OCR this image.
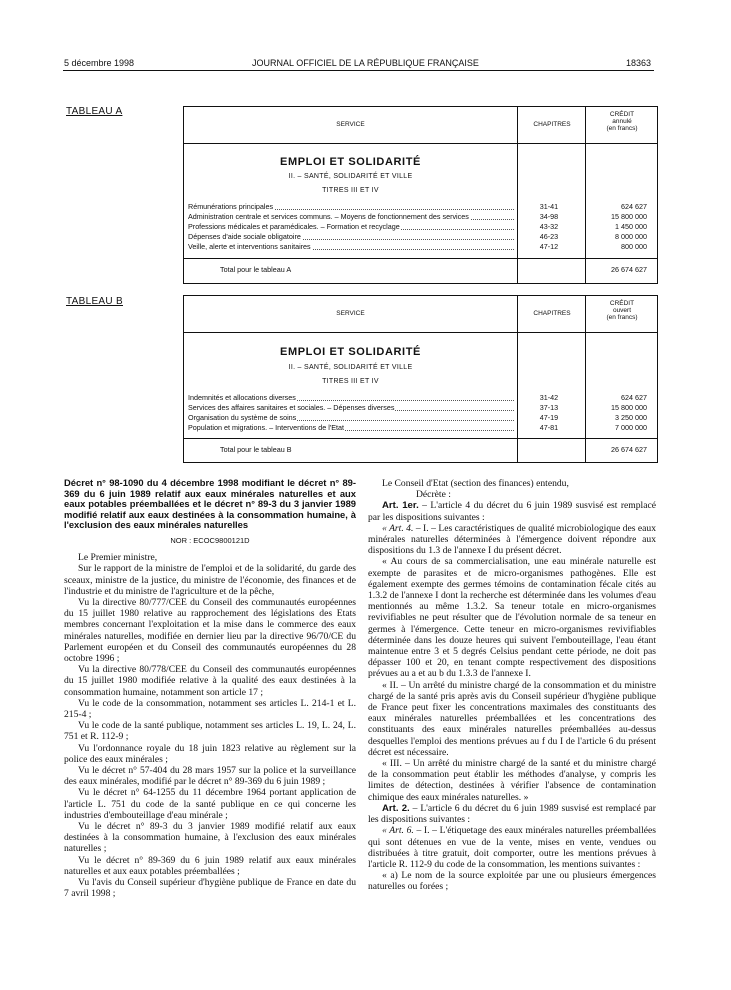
5 décembre 1998	JOURNAL OFFICIEL DE LA RÉPUBLIQUE FRANÇAISE	18363
TABLEAU A
SERVICE	CHAPITRES
CRÉDIT
annulé
(en francs)
EMPLOI ET SOLIDARITÉ
II. – SANTÉ, SOLIDARITÉ ET VILLE
TITRES III ET IV
Rémunérations principales	31-41	624 627
Administration centrale et services communs. – Moyens de fonctionnement des services	34-98	15 800 000
Professions médicales et paramédicales. – Formation et recyclage	43-32	1 450 000
Dépenses d'aide sociale obligatoire	46-23	8 000 000
Veille, alerte et interventions sanitaires	47-12	800 000
Total pour le tableau A	26 674 627
TABLEAU B
SERVICE	CHAPITRES
CRÉDIT
ouvert
(en francs)
EMPLOI ET SOLIDARITÉ
II. – SANTÉ, SOLIDARITÉ ET VILLE
TITRES III ET IV
Indemnités et allocations diverses	31-42	624 627
Services des affaires sanitaires et sociales. – Dépenses diverses	37-13	15 800 000
Organisation du système de soins	47-19	3 250 000
Population et migrations. – Interventions de l'Etat	47-81	7 000 000
Total pour le tableau B	26 674 627

Décret n° 98-1090 du 4 décembre 1998 modifiant le décret n° 89-369 du 6 juin 1989 relatif aux eaux minérales naturelles et aux eaux potables préemballées et le décret n° 89-3 du 3 janvier 1989 modifié relatif aux eaux destinées à la consommation humaine, à l'exclusion des eaux minérales naturelles

NOR : ECOC9800121D

Le Premier ministre,

Sur le rapport de la ministre de l'emploi et de la solidarité, du garde des sceaux, ministre de la justice, du ministre de l'économie, des finances et de l'industrie et du ministre de l'agriculture et de la pêche,

Vu la directive 80/777/CEE du Conseil des communautés européennes du 15 juillet 1980 relative au rapprochement des législations des Etats membres concernant l'exploitation et la mise dans le commerce des eaux minérales naturelles, modifiée en dernier lieu par la directive 96/70/CE du Parlement européen et du Conseil des communautés européennes du 28 octobre 1996 ;

Vu la directive 80/778/CEE du Conseil des communautés européennes du 15 juillet 1980 modifiée relative à la qualité des eaux destinées à la consommation humaine, notamment son article 17 ;

Vu le code de la consommation, notamment ses articles L. 214-1 et L. 215-4 ;

Vu le code de la santé publique, notamment ses articles L. 19, L. 24, L. 751 et R. 112-9 ;

Vu l'ordonnance royale du 18 juin 1823 relative au règlement sur la police des eaux minérales ;

Vu le décret n° 57-404 du 28 mars 1957 sur la police et la surveillance des eaux minérales, modifié par le décret n° 89-369 du 6 juin 1989 ;

Vu le décret n° 64-1255 du 11 décembre 1964 portant application de l'article L. 751 du code de la santé publique en ce qui concerne les industries d'embouteillage d'eau minérale ;

Vu le décret n° 89-3 du 3 janvier 1989 modifié relatif aux eaux destinées à la consommation humaine, à l'exclusion des eaux minérales naturelles ;

Vu le décret n° 89-369 du 6 juin 1989 relatif aux eaux minérales naturelles et aux eaux potables préemballées ;

Vu l'avis du Conseil supérieur d'hygiène publique de France en date du 7 avril 1998 ;

Le Conseil d'Etat (section des finances) entendu,

Décrète :

Art. 1er. – L'article 4 du décret du 6 juin 1989 susvisé est remplacé par les dispositions suivantes :

« Art. 4. – I. – Les caractéristiques de qualité microbiologique des eaux minérales naturelles déterminées à l'émergence doivent répondre aux dispositions du 1.3 de l'annexe I du présent décret.

« Au cours de sa commercialisation, une eau minérale naturelle est exempte de parasites et de micro-organismes pathogènes. Elle est également exempte des germes témoins de contamination fécale cités au 1.3.2 de l'annexe I dont la recherche est déterminée dans les volumes d'eau mentionnés au même 1.3.2. Sa teneur totale en micro-organismes revivifiables ne peut résulter que de l'évolution normale de sa teneur en germes à l'émergence. Cette teneur en micro-organismes revivifiables déterminée dans les douze heures qui suivent l'embouteillage, l'eau étant maintenue entre 3 et 5 degrés Celsius pendant cette période, ne doit pas dépasser 100 et 20, en tenant compte respectivement des dispositions prévues au a et au b du 1.3.3 de l'annexe I.

« II. – Un arrêté du ministre chargé de la consommation et du ministre chargé de la santé pris après avis du Conseil supérieur d'hygiène publique de France peut fixer les concentrations maximales des constituants des eaux minérales naturelles préemballées et les concentrations des constituants des eaux minérales naturelles préemballées au-dessus desquelles l'emploi des mentions prévues au f du I de l'article 6 du présent décret est nécessaire.

« III. – Un arrêté du ministre chargé de la santé et du ministre chargé de la consommation peut établir les méthodes d'analyse, y compris les limites de détection, destinées à vérifier l'absence de contamination chimique des eaux minérales naturelles. »

Art. 2. – L'article 6 du décret du 6 juin 1989 susvisé est remplacé par les dispositions suivantes :

« Art. 6. – I. – L'étiquetage des eaux minérales naturelles préemballées qui sont détenues en vue de la vente, mises en vente, vendues ou distribuées à titre gratuit, doit comporter, outre les mentions prévues à l'article R. 112-9 du code de la consommation, les mentions suivantes :

« a) Le nom de la source exploitée par une ou plusieurs émergences naturelles ou forées ;
